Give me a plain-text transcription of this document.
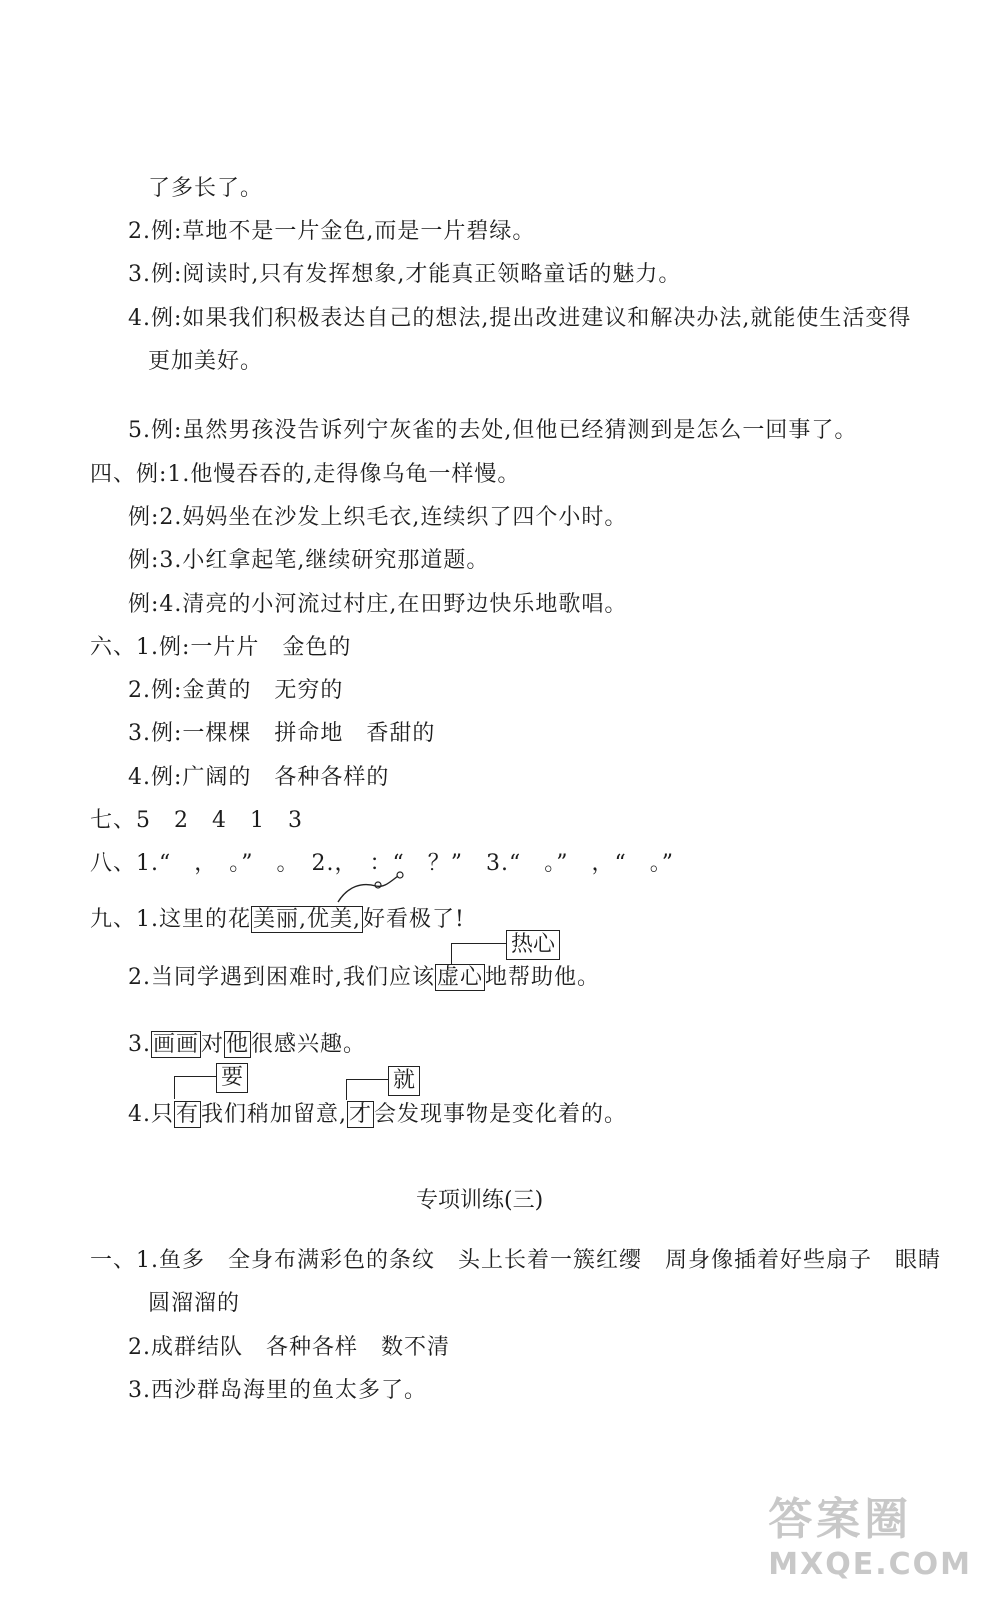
了多长了。
2.例:草地不是一片金色,而是一片碧绿。
3.例:阅读时,只有发挥想象,才能真正领略童话的魅力。
4.例:如果我们积极表达自己的想法,提出改进建议和解决办法,就能使生活变得
更加美好。
5.例:虽然男孩没告诉列宁灰雀的去处,但他已经猜测到是怎么一回事了。
四、例:1.他慢吞吞的,走得像乌龟一样慢。
例:2.妈妈坐在沙发上织毛衣,连续织了四个小时。
例:3.小红拿起笔,继续研究那道题。
例:4.清亮的小河流过村庄,在田野边快乐地歌唱。
六、1.例:一片片　金色的
2.例:金黄的　无穷的
3.例:一棵棵　拼命地　香甜的
4.例:广阔的　各种各样的
七、5　2　4　1　3
八、1.“　，　。”　。　2.，　：“　？”　3.“　。”　，“　。”
九、1.这里的花美丽,优美,好看极了!
热心
2.当同学遇到困难时,我们应该虚心地帮助他。
3.画画对他很感兴趣。
要	就
4.只有我们稍加留意,才会发现事物是变化着的。
专项训练(三)
一、1.鱼多　全身布满彩色的条纹　头上长着一簇红缨　周身像插着好些扇子　眼睛
圆溜溜的
2.成群结队　各种各样　数不清
3.西沙群岛海里的鱼太多了。
答案圈
MXQE.COM
